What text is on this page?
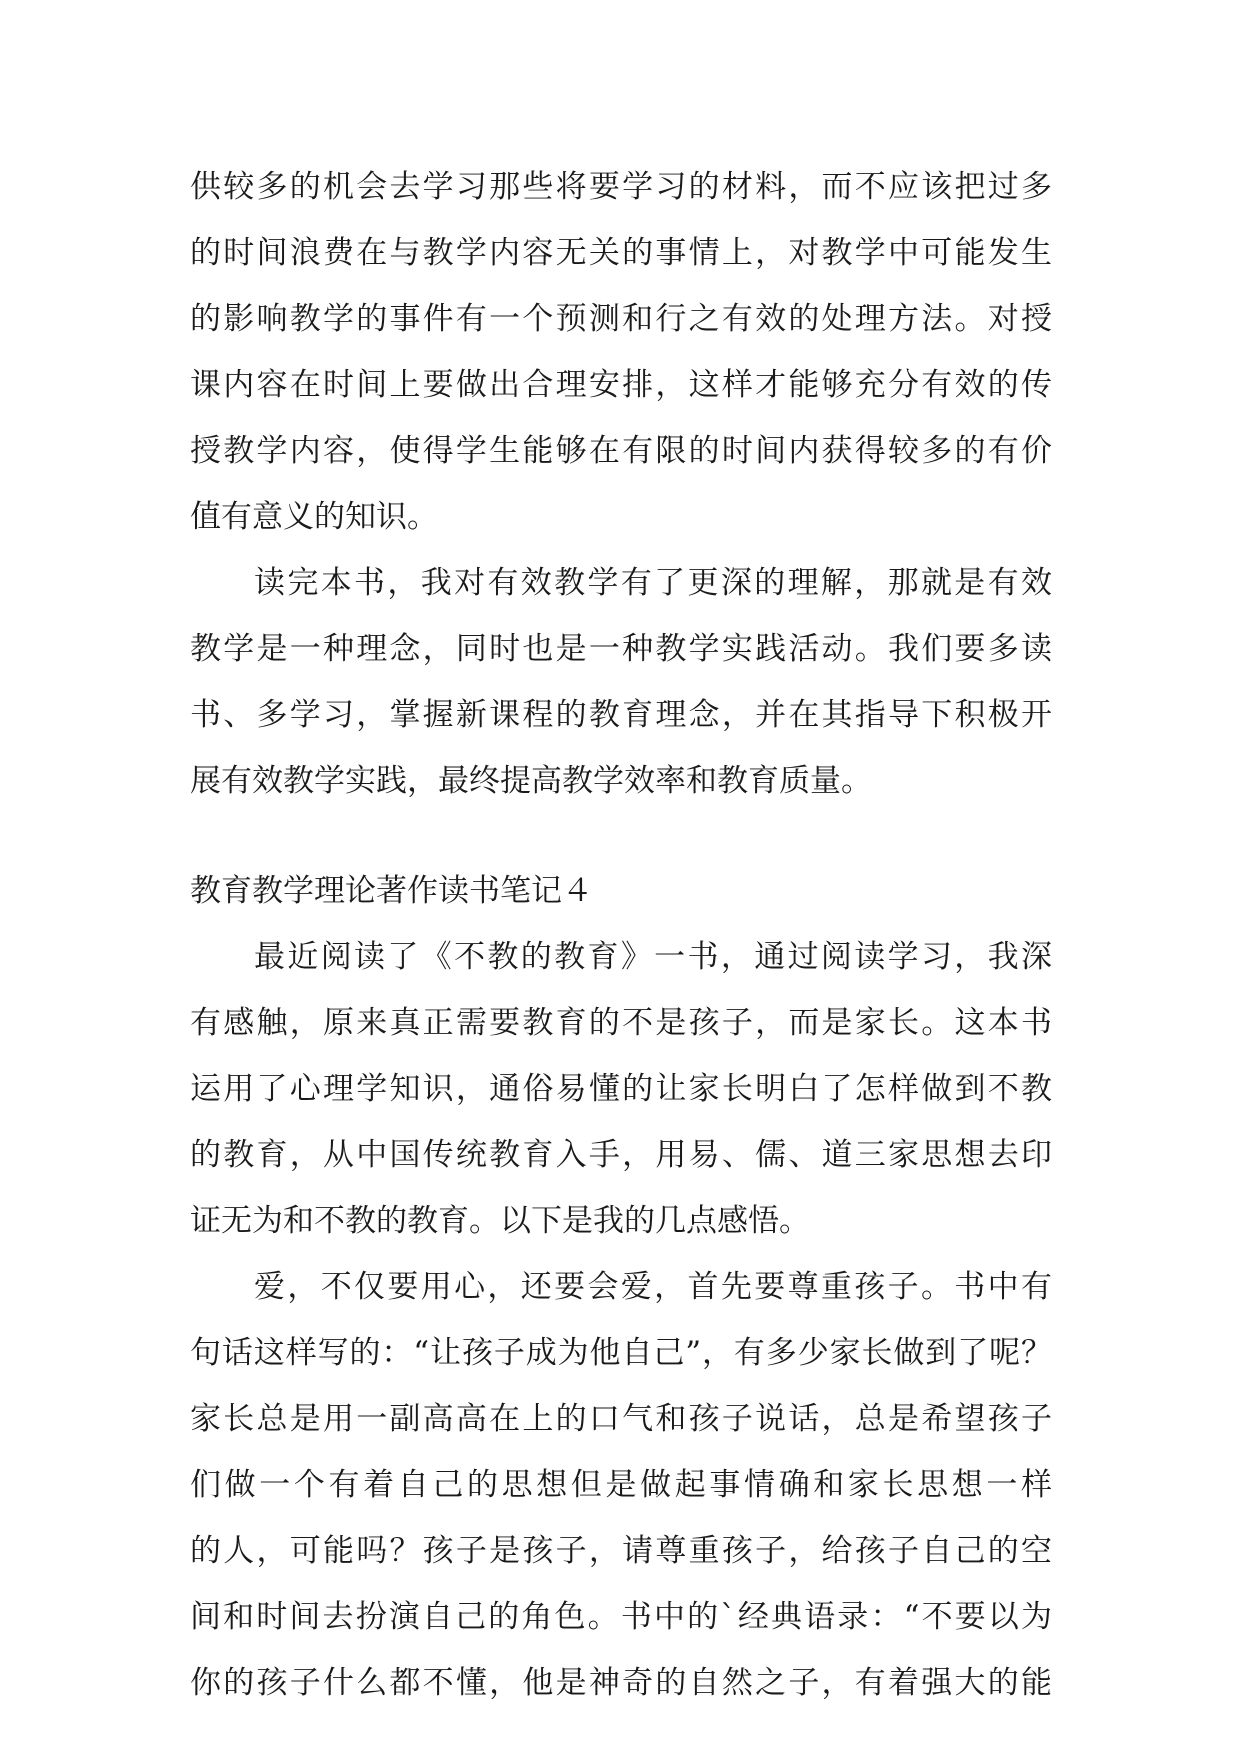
供较多的机会去学习那些将要学习的材料，而不应该把过多
的时间浪费在与教学内容无关的事情上，对教学中可能发生
的影响教学的事件有一个预测和行之有效的处理方法。对授
课内容在时间上要做出合理安排，这样才能够充分有效的传
授教学内容，使得学生能够在有限的时间内获得较多的有价
值有意义的知识。
读完本书，我对有效教学有了更深的理解，那就是有效
教学是一种理念，同时也是一种教学实践活动。我们要多读
书、多学习，掌握新课程的教育理念，并在其指导下积极开
展有效教学实践，最终提高教学效率和教育质量。
教育教学理论著作读书笔记４
最近阅读了《不教的教育》一书，通过阅读学习，我深
有感触，原来真正需要教育的不是孩子，而是家长。这本书
运用了心理学知识，通俗易懂的让家长明白了怎样做到不教
的教育，从中国传统教育入手，用易、儒、道三家思想去印
证无为和不教的教育。以下是我的几点感悟。
爱，不仅要用心，还要会爱，首先要尊重孩子。书中有
句话这样写的：“让孩子成为他自己”，有多少家长做到了呢？
家长总是用一副高高在上的口气和孩子说话，总是希望孩子
们做一个有着自己的思想但是做起事情确和家长思想一样
的人，可能吗？孩子是孩子，请尊重孩子，给孩子自己的空
间和时间去扮演自己的角色。书中的`经典语录：“不要以为
你的孩子什么都不懂，他是神奇的自然之子，有着强大的能
